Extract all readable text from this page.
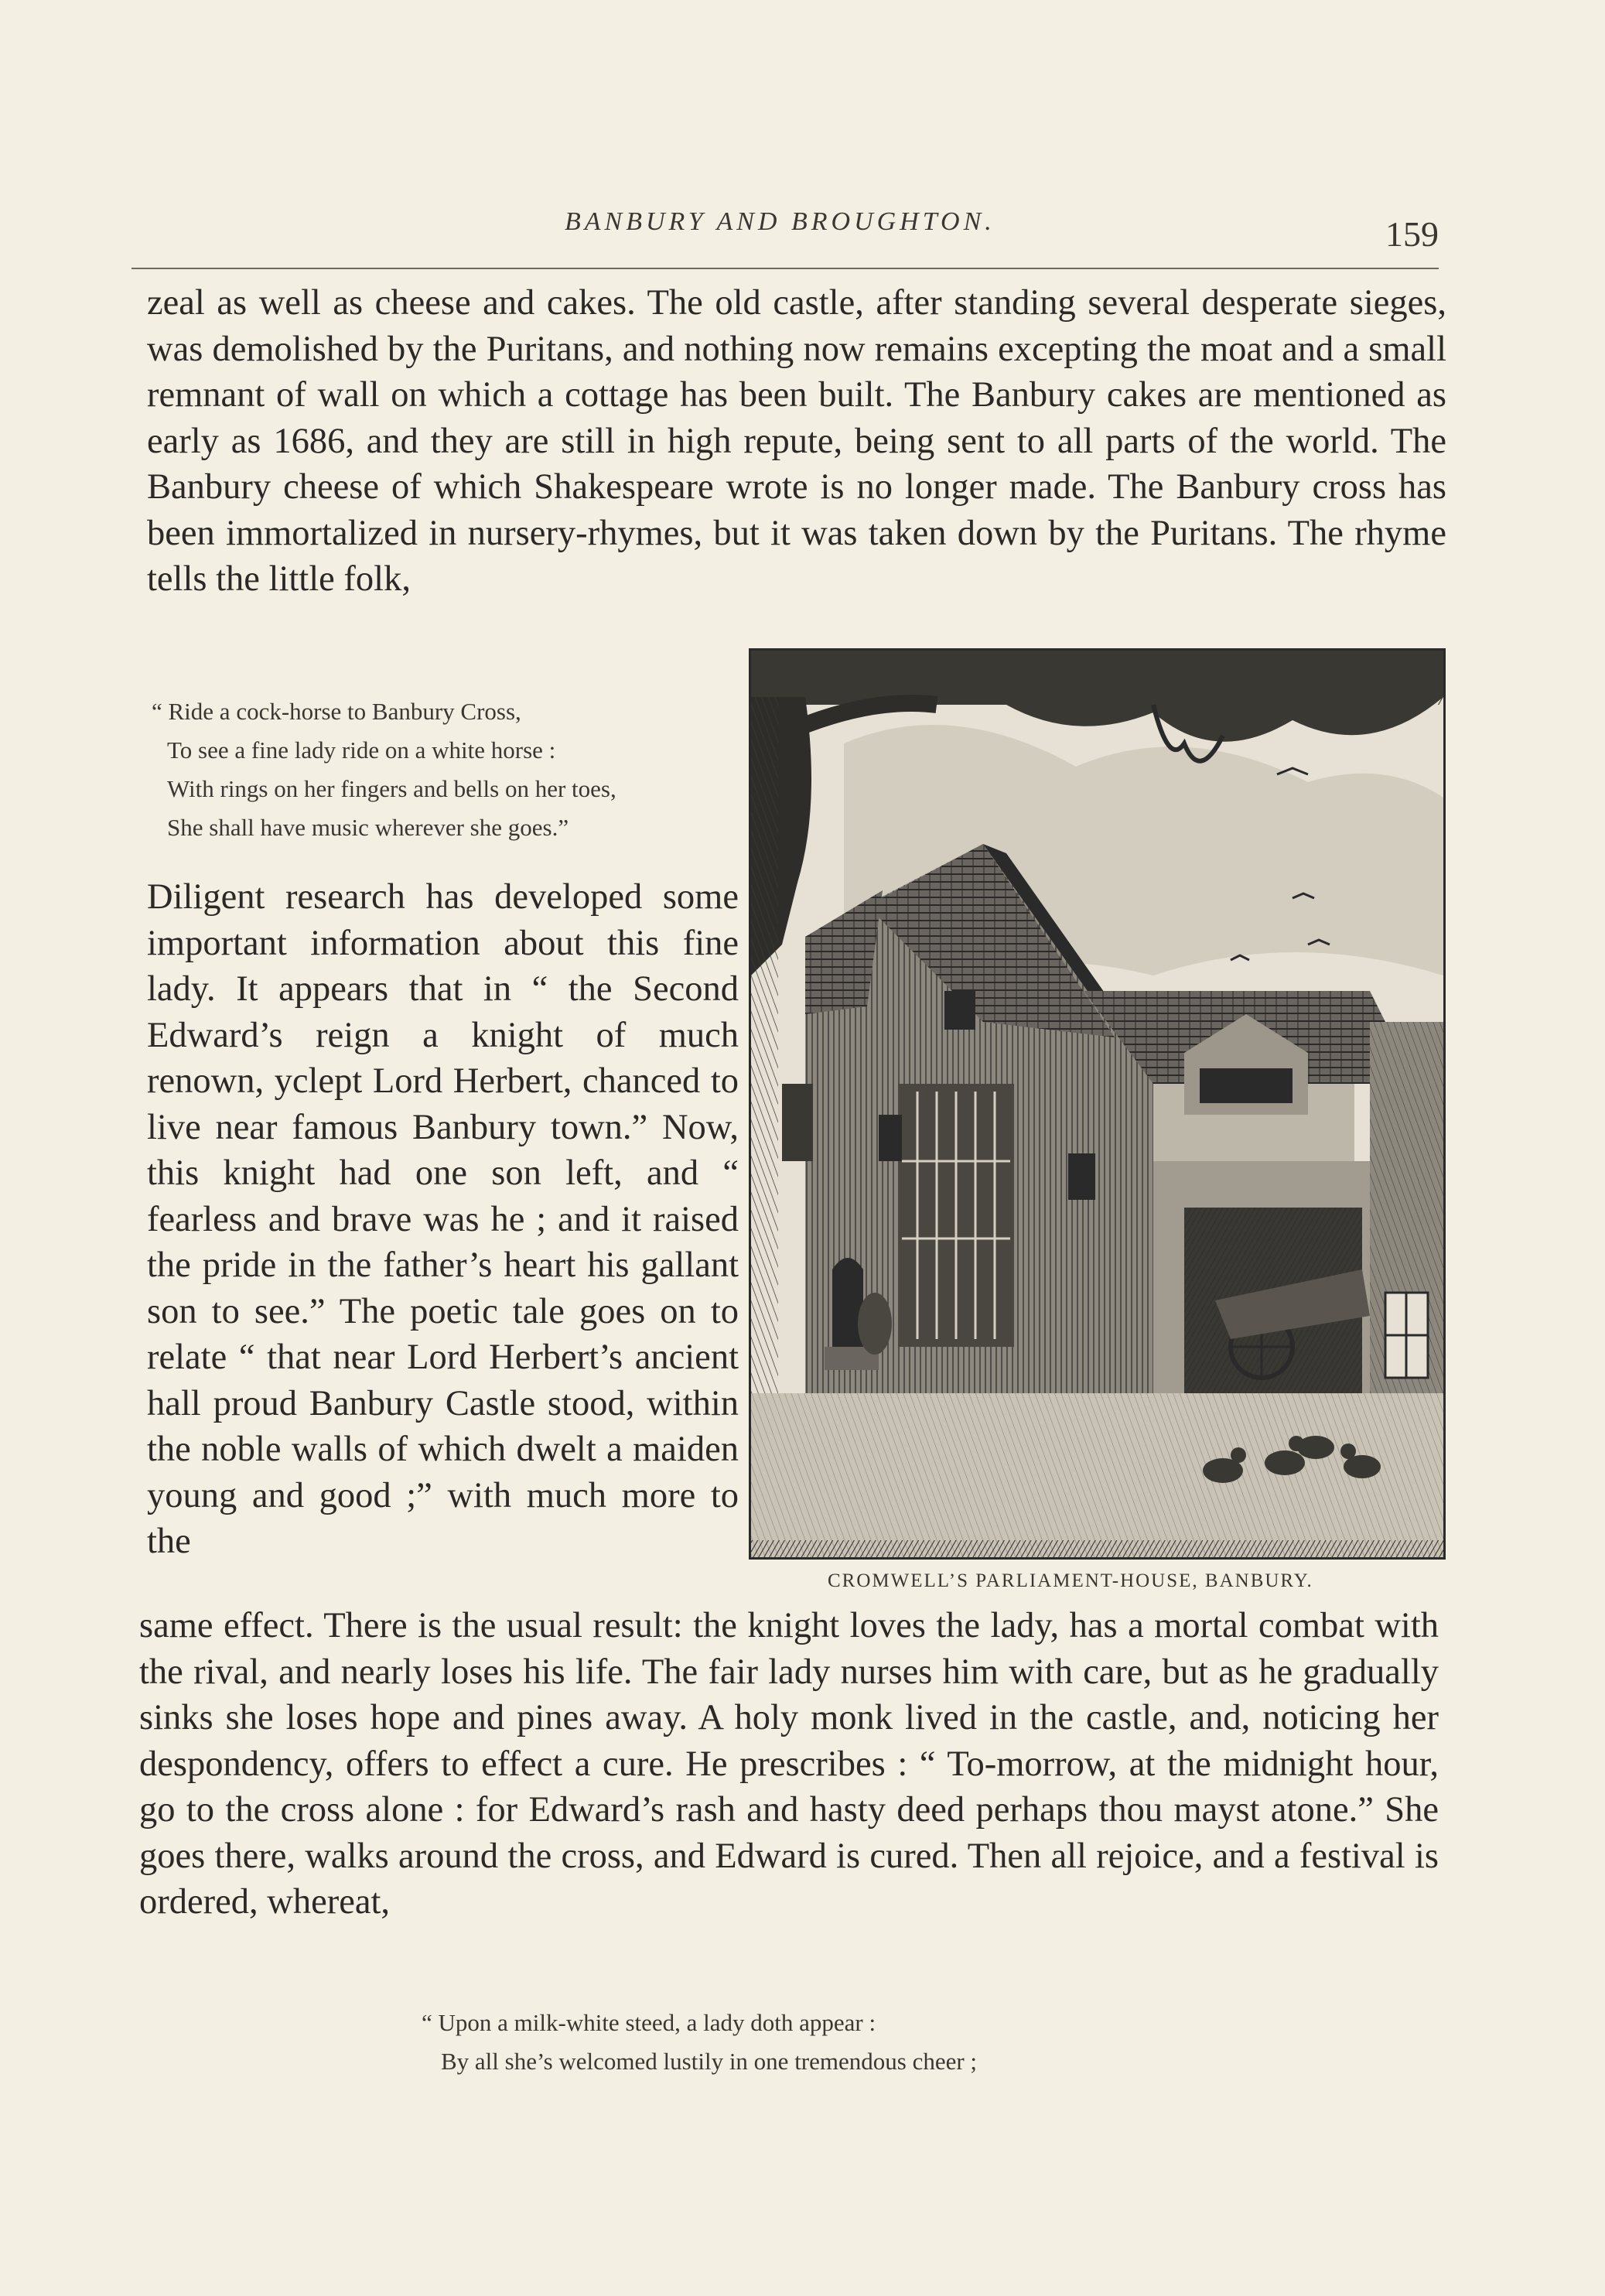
BANBURY AND BROUGHTON.	159

zeal as well as cheese and cakes. The old castle, after standing several desperate sieges, was demolished by the Puritans, and nothing now remains excepting the moat and a small remnant of wall on which a cottage has been built. The Banbury cakes are mentioned as early as 1686, and they are still in high repute, being sent to all parts of the world. The Banbury cheese of which Shakespeare wrote is no longer made. The Banbury cross has been immortalized in nursery-rhymes, but it was taken down by the Puritans. The rhyme tells the little folk,

“ Ride a cock-horse to Banbury Cross,
To see a fine lady ride on a white horse :
With rings on her fingers and bells on her toes,
She shall have music wherever she goes.”

Diligent research has developed some important information about this fine lady. It appears that in “ the Second Edward’s reign a knight of much renown, yclept Lord Herbert, chanced to live near famous Banbury town.” Now, this knight had one son left, and “ fearless and brave was he ; and it raised the pride in the father’s heart his gallant son to see.” The poetic tale goes on to relate “ that near Lord Herbert’s ancient hall proud Banbury Castle stood, within the noble walls of which dwelt a maiden young and good ;” with much more to the

CROMWELL’S PARLIAMENT-HOUSE, BANBURY.

same effect. There is the usual result: the knight loves the lady, has a mortal combat with the rival, and nearly loses his life. The fair lady nurses him with care, but as he gradually sinks she loses hope and pines away. A holy monk lived in the castle, and, noticing her despondency, offers to effect a cure. He prescribes : “ To-morrow, at the midnight hour, go to the cross alone : for Edward’s rash and hasty deed perhaps thou mayst atone.” She goes there, walks around the cross, and Edward is cured. Then all rejoice, and a festival is ordered, whereat,

“ Upon a milk-white steed, a lady doth appear :
By all she’s welcomed lustily in one tremendous cheer ;
